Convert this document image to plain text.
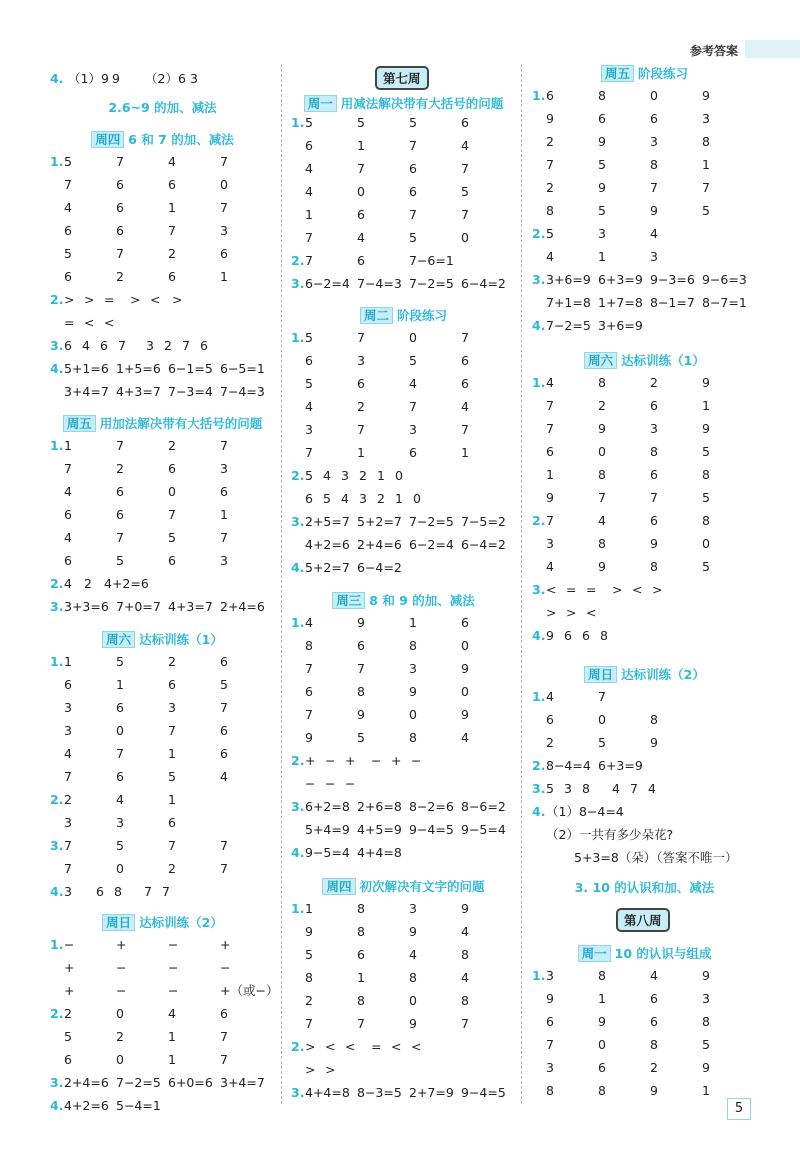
参考答案
4. （1）9 9 （2）6 3
2.6~9 的加、减法
周四 6 和 7 的加、减法
1. 5	7	4	7
7	6	6	0
4	6	1	7
6	6	7	3
5	7	2	6
6	2	6	1
2. > > = > < >
= < <
3. 6 4 6 7 3 2 7 6
4. 5+1=6 1+5=6 6−1=5 6−5=1
3+4=7 4+3=7 7−3=4 7−4=3
周五 用加法解决带有大括号的问题
1. 1	7	2	7
7	2	6	3
4	6	0	6
6	6	7	1
4	7	5	7
6	5	6	3
2. 4 2 4+2=6
3. 3+3=6 7+0=7 4+3=7 2+4=6
周六 达标训练（1）
1. 1	5	2	6
6	1	6	5
3	6	3	7
3	0	7	6
4	7	1	6
7	6	5	4
2. 2	4	1
3	3	6
3. 7	5	7	7
7	0	2	7
4. 3 6 8 7 7
周日 达标训练（2）
1. −	+	−	+
+	−	−	−
+	−	−	+（或−）
2. 2	0	4	6
5	2	1	7
6	0	1	7
3. 2+4=6 7−2=5 6+0=6 3+4=7
4. 4+2=6 5−4=1
第七周
周一 用减法解决带有大括号的问题
1. 5	5	5	6
6	1	7	4
4	7	6	7
4	0	6	5
1	6	7	7
7	4	5	0
2. 7	6	7−6=1
3. 6−2=4 7−4=3 7−2=5 6−4=2
周二 阶段练习
1. 5	7	0	7
6	3	5	6
5	6	4	6
4	2	7	4
3	7	3	7
7	1	6	1
2. 5 4 3 2 1 0
6 5 4 3 2 1 0
3. 2+5=7 5+2=7 7−2=5 7−5=2
4+2=6 2+4=6 6−2=4 6−4=2
4. 5+2=7 6−4=2
周三 8 和 9 的加、减法
1. 4	9	1	6
8	6	8	0
7	7	3	9
6	8	9	0
7	9	0	9
9	5	8	4
2. + − + − + −
− − −
3. 6+2=8 2+6=8 8−2=6 8−6=2
5+4=9 4+5=9 9−4=5 9−5=4
4. 9−5=4 4+4=8
周四 初次解决有文字的问题
1. 1	8	3	9
9	8	9	4
5	6	4	8
8	1	8	4
2	8	0	8
7	7	9	7
2. > < < = < <
> >
3. 4+4=8 8−3=5 2+7=9 9−4=5
周五 阶段练习
1. 6	8	0	9
9	6	6	3
2	9	3	8
7	5	8	1
2	9	7	7
8	5	9	5
2. 5	3	4
4	1	3
3. 3+6=9 6+3=9 9−3=6 9−6=3
7+1=8 1+7=8 8−1=7 8−7=1
4. 7−2=5 3+6=9
周六 达标训练（1）
1. 4	8	2	9
7	2	6	1
7	9	3	9
6	0	8	5
1	8	6	8
9	7	7	5
2. 7	4	6	8
3	8	9	0
4	9	8	5
3. < = = > < >
> > <
4. 9 6 6 8
周日 达标训练（2）
1. 4	7
6	0	8
2	5	9
2. 8−4=4 6+3=9
3. 5 3 8 4 7 4
4. （1）8−4=4
（2）一共有多少朵花?
5+3=8（朵）（答案不唯一）
3. 10 的认识和加、减法
第八周
周一 10 的认识与组成
1. 3	8	4	9
9	1	6	3
6	9	6	8
7	0	8	5
3	6	2	9
8	8	9	1
5
